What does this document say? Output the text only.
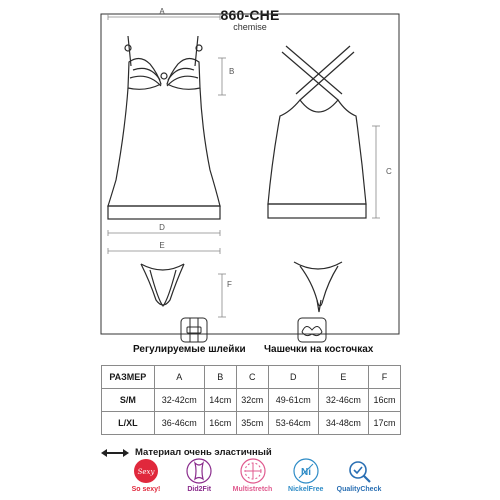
860-CHE
chemise
A
B
D
E
F
C
Регулируемые шлейки Чашечки на косточках
РАЗМЕР	A	B	C	D	E	F
S/M	32-42cm	14cm	32cm	49-61cm	32-46cm	16cm
L/XL	36-46cm	16cm	35cm	53-64cm	34-48cm	17cm
Материал очень эластичный
Sexy
So sexy!	Did2Fit	Multistretch
Ni
NickelFree	QualityCheck
